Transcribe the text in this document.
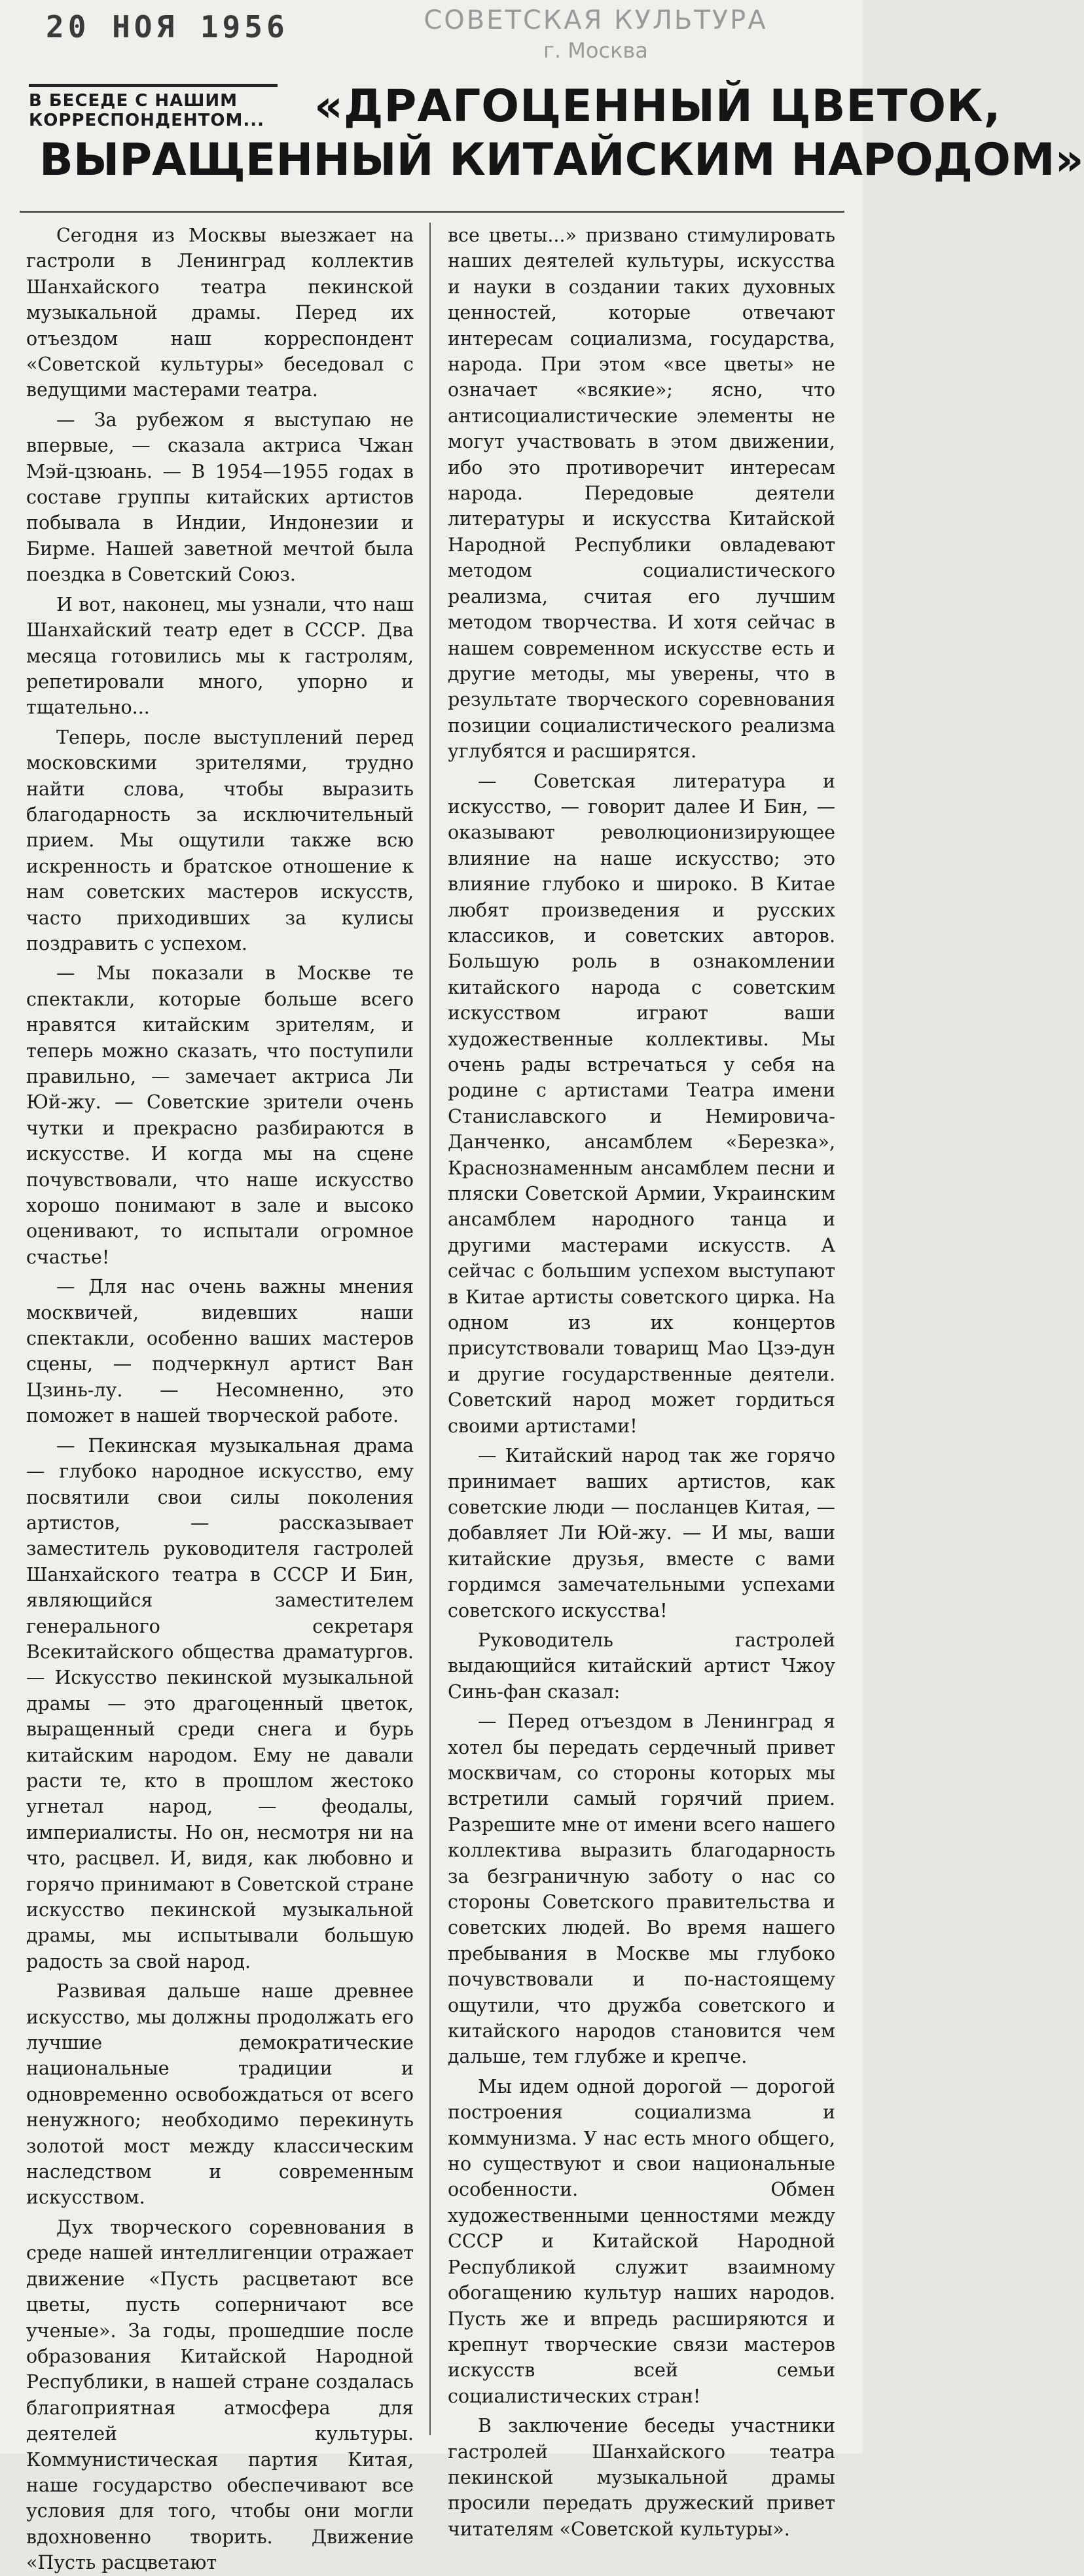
20 НОЯ 1956	СОВЕТСКАЯ КУЛЬТУРА
г. Москва
В БЕСЕДЕ С НАШИМ КОРРЕСПОНДЕНТОМ...	«ДРАГОЦЕННЫЙ ЦВЕТОК,
ВЫРАЩЕННЫЙ КИТАЙСКИМ НАРОДОМ»

Сегодня из Москвы выезжает на гастроли в Ленинград коллектив Шанхайского театра пекинской музыкальной драмы. Перед их отъездом наш корреспондент «Советской культуры» беседовал с ведущими мастерами театра.

— За рубежом я выступаю не впервые, — сказала актриса Чжан Мэй-цзюань. — В 1954—1955 годах в составе группы китайских артистов побывала в Индии, Индонезии и Бирме. Нашей заветной мечтой была поездка в Советский Союз.

И вот, наконец, мы узнали, что наш Шанхайский театр едет в СССР. Два месяца готовились мы к гастролям, репетировали много, упорно и тщательно...

Теперь, после выступлений перед московскими зрителями, трудно найти слова, чтобы выразить благодарность за исключительный прием. Мы ощутили также всю искренность и братское отношение к нам советских мастеров искусств, часто приходивших за кулисы поздравить с успехом.

— Мы показали в Москве те спектакли, которые больше всего нравятся китайским зрителям, и теперь можно сказать, что поступили правильно, — замечает актриса Ли Юй-жу. — Советские зрители очень чутки и прекрасно разбираются в искусстве. И когда мы на сцене почувствовали, что наше искусство хорошо понимают в зале и высоко оценивают, то испытали огромное счастье!

— Для нас очень важны мнения москвичей, видевших наши спектакли, особенно ваших мастеров сцены, — подчеркнул артист Ван Цзинь-лу. — Несомненно, это поможет в нашей творческой работе.

— Пекинская музыкальная драма — глубоко народное искусство, ему посвятили свои силы поколения артистов, — рассказывает заместитель руководителя гастролей Шанхайского театра в СССР И Бин, являющийся заместителем генерального секретаря Всекитайского общества драматургов. — Искусство пекинской музыкальной драмы — это драгоценный цветок, выращенный среди снега и бурь китайским народом. Ему не давали расти те, кто в прошлом жестоко угнетал народ, — феодалы, империалисты. Но он, несмотря ни на что, расцвел. И, видя, как любовно и горячо принимают в Советской стране искусство пекинской музыкальной драмы, мы испытывали большую радость за свой народ.

Развивая дальше наше древнее искусство, мы должны продолжать его лучшие демократические национальные традиции и одновременно освобождаться от всего ненужного; необходимо перекинуть золотой мост между классическим наследством и современным искусством.

Дух творческого соревнования в среде нашей интеллигенции отражает движение «Пусть расцветают все цветы, пусть соперничают все ученые». За годы, прошедшие после образования Китайской Народной Республики, в нашей стране создалась благоприятная атмосфера для деятелей культуры. Коммунистическая партия Китая, наше государство обеспечивают все условия для того, чтобы они могли вдохновенно творить. Движение «Пусть расцветают

все цветы...» призвано стимулировать наших деятелей культуры, искусства и науки в создании таких духовных ценностей, которые отвечают интересам социализма, государства, народа. При этом «все цветы» не означает «всякие»; ясно, что антисоциалистические элементы не могут участвовать в этом движении, ибо это противоречит интересам народа. Передовые деятели литературы и искусства Китайской Народной Республики овладевают методом социалистического реализма, считая его лучшим методом творчества. И хотя сейчас в нашем современном искусстве есть и другие методы, мы уверены, что в результате творческого соревнования позиции социалистического реализма углубятся и расширятся.

— Советская литература и искусство, — говорит далее И Бин, — оказывают революционизирующее влияние на наше искусство; это влияние глубоко и широко. В Китае любят произведения и русских классиков, и советских авторов. Большую роль в ознакомлении китайского народа с советским искусством играют ваши художественные коллективы. Мы очень рады встречаться у себя на родине с артистами Театра имени Станиславского и Немировича-Данченко, ансамблем «Березка», Краснознаменным ансамблем песни и пляски Советской Армии, Украинским ансамблем народного танца и другими мастерами искусств. А сейчас с большим успехом выступают в Китае артисты советского цирка. На одном из их концертов присутствовали товарищ Мао Цзэ-дун и другие государственные деятели. Советский народ может гордиться своими артистами!

— Китайский народ так же горячо принимает ваших артистов, как советские люди — посланцев Китая, — добавляет Ли Юй-жу. — И мы, ваши китайские друзья, вместе с вами гордимся замечательными успехами советского искусства!

Руководитель гастролей выдающийся китайский артист Чжоу Синь-фан сказал:

— Перед отъездом в Ленинград я хотел бы передать сердечный привет москвичам, со стороны которых мы встретили самый горячий прием. Разрешите мне от имени всего нашего коллектива выразить благодарность за безграничную заботу о нас со стороны Советского правительства и советских людей. Во время нашего пребывания в Москве мы глубоко почувствовали и по-настоящему ощутили, что дружба советского и китайского народов становится чем дальше, тем глубже и крепче.

Мы идем одной дорогой — дорогой построения социализма и коммунизма. У нас есть много общего, но существуют и свои национальные особенности. Обмен художественными ценностями между СССР и Китайской Народной Республикой служит взаимному обогащению культур наших народов. Пусть же и впредь расширяются и крепнут творческие связи мастеров искусств всей семьи социалистических стран!

В заключение беседы участники гастролей Шанхайского театра пекинской музыкальной драмы просили передать дружеский привет читателям «Советской культуры».
